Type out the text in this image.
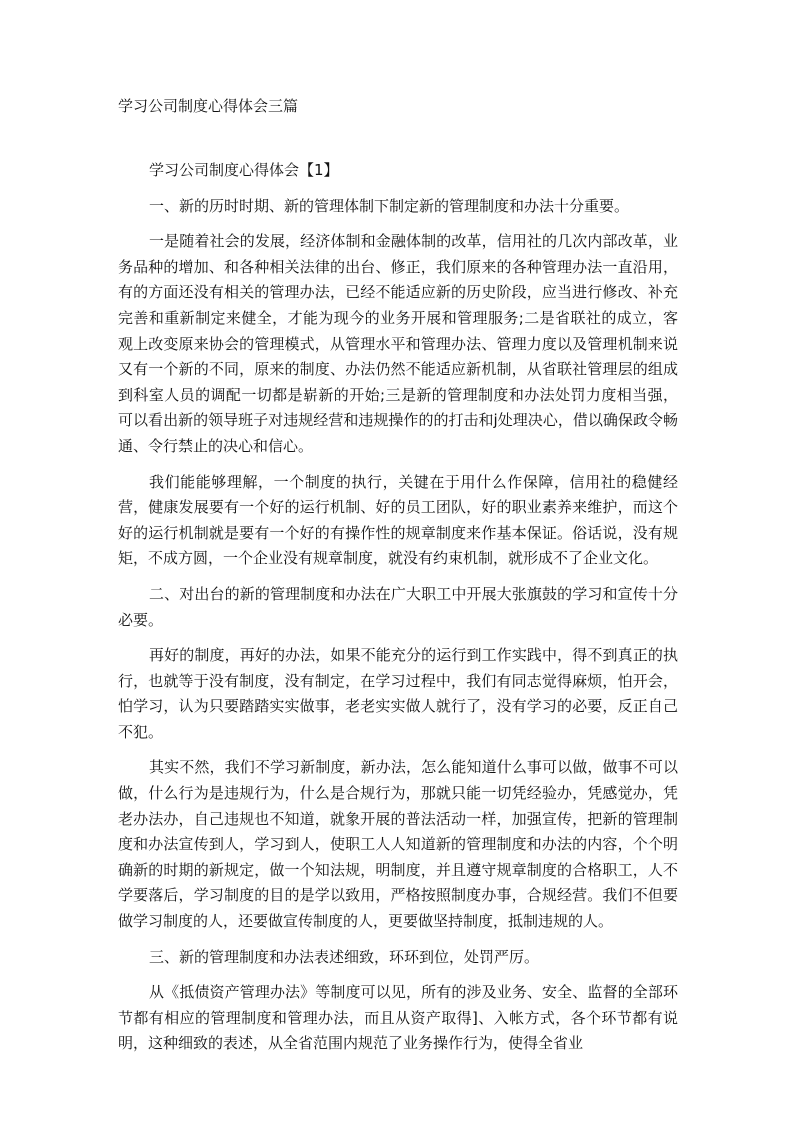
学习公司制度心得体会三篇

学习公司制度心得体会【1】

一、新的历时时期、新的管理体制下制定新的管理制度和办法十分重要。

一是随着社会的发展，经济体制和金融体制的改革，信用社的几次内部改革，业务品种的增加、和各种相关法律的出台、修正，我们原来的各种管理办法一直沿用，有的方面还没有相关的管理办法，已经不能适应新的历史阶段，应当进行修改、补充完善和重新制定来健全，才能为现今的业务开展和管理服务;二是省联社的成立，客观上改变原来协会的管理模式，从管理水平和管理办法、管理力度以及管理机制来说又有一个新的不同，原来的制度、办法仍然不能适应新机制，从省联社管理层的组成到科室人员的调配一切都是崭新的开始;三是新的管理制度和办法处罚力度相当强，可以看出新的领导班子对违规经营和违规操作的的打击和j处理决心，借以确保政令畅通、令行禁止的决心和信心。

我们能能够理解，一个制度的执行，关键在于用什么作保障，信用社的稳健经营，健康发展要有一个好的运行机制、好的员工团队，好的职业素养来维护，而这个好的运行机制就是要有一个好的有操作性的规章制度来作基本保证。俗话说，没有规矩，不成方圆，一个企业没有规章制度，就没有约束机制，就形成不了企业文化。

二、对出台的新的管理制度和办法在广大职工中开展大张旗鼓的学习和宣传十分必要。

再好的制度，再好的办法，如果不能充分的运行到工作实践中，得不到真正的执行，也就等于没有制度，没有制定，在学习过程中，我们有同志觉得麻烦，怕开会，怕学习，认为只要踏踏实实做事，老老实实做人就行了，没有学习的必要，反正自己不犯。

其实不然，我们不学习新制度，新办法，怎么能知道什么事可以做，做事不可以做，什么行为是违规行为，什么是合规行为，那就只能一切凭经验办，凭感觉办，凭老办法办，自己违规也不知道，就象开展的普法活动一样，加强宣传，把新的管理制度和办法宣传到人，学习到人，使职工人人知道新的管理制度和办法的内容，个个明确新的时期的新规定，做一个知法规，明制度，并且遵守规章制度的合格职工，人不学要落后，学习制度的目的是学以致用，严格按照制度办事，合规经营。我们不但要做学习制度的人，还要做宣传制度的人，更要做坚持制度，抵制违规的人。

三、新的管理制度和办法表述细致，环环到位，处罚严厉。

从《抵债资产管理办法》等制度可以见，所有的涉及业务、安全、监督的全部环节都有相应的管理制度和管理办法，而且从资产取得]、入帐方式，各个环节都有说明，这种细致的表述，从全省范围内规范了业务操作行为，使得全省业
